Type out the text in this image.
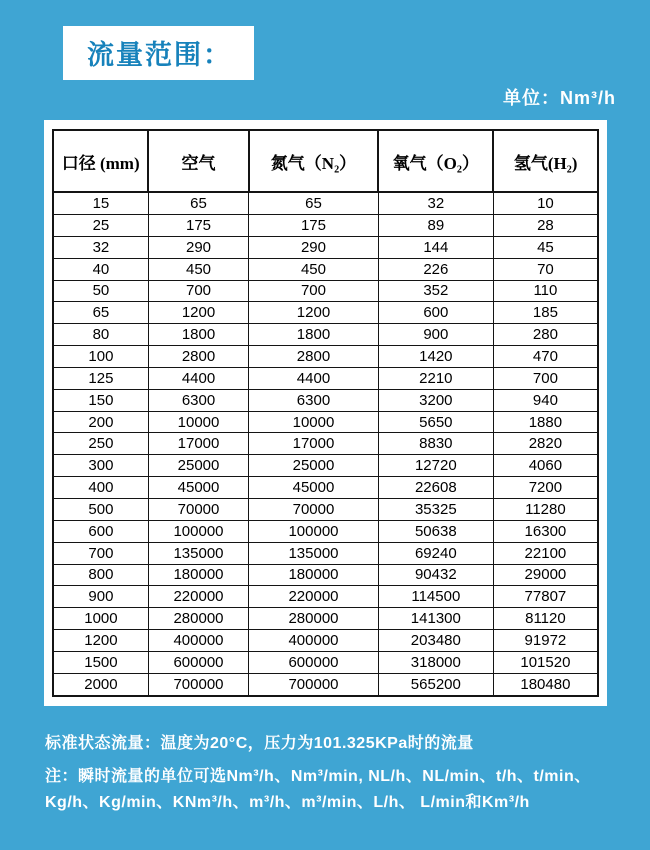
流量范围：
单位：Nm³/h
口径 (mm)	空气	氮气（N₂）	氧气（O₂）	氢气(H₂)
15	65	65	32	10
25	175	175	89	28
32	290	290	144	45
40	450	450	226	70
50	700	700	352	110
65	1200	1200	600	185
80	1800	1800	900	280
100	2800	2800	1420	470
125	4400	4400	2210	700
150	6300	6300	3200	940
200	10000	10000	5650	1880
250	17000	17000	8830	2820
300	25000	25000	12720	4060
400	45000	45000	22608	7200
500	70000	70000	35325	11280
600	100000	100000	50638	16300
700	135000	135000	69240	22100
800	180000	180000	90432	29000
900	220000	220000	114500	77807
1000	280000	280000	141300	81120
1200	400000	400000	203480	91972
1500	600000	600000	318000	101520
2000	700000	700000	565200	180480
标准状态流量：温度为20°C，压力为101.325KPa时的流量
注：瞬时流量的单位可选Nm³/h、Nm³/min, NL/h、NL/min、t/h、t/min、Kg/h、Kg/min、KNm³/h、m³/h、m³/min、L/h、 L/min和Km³/h
